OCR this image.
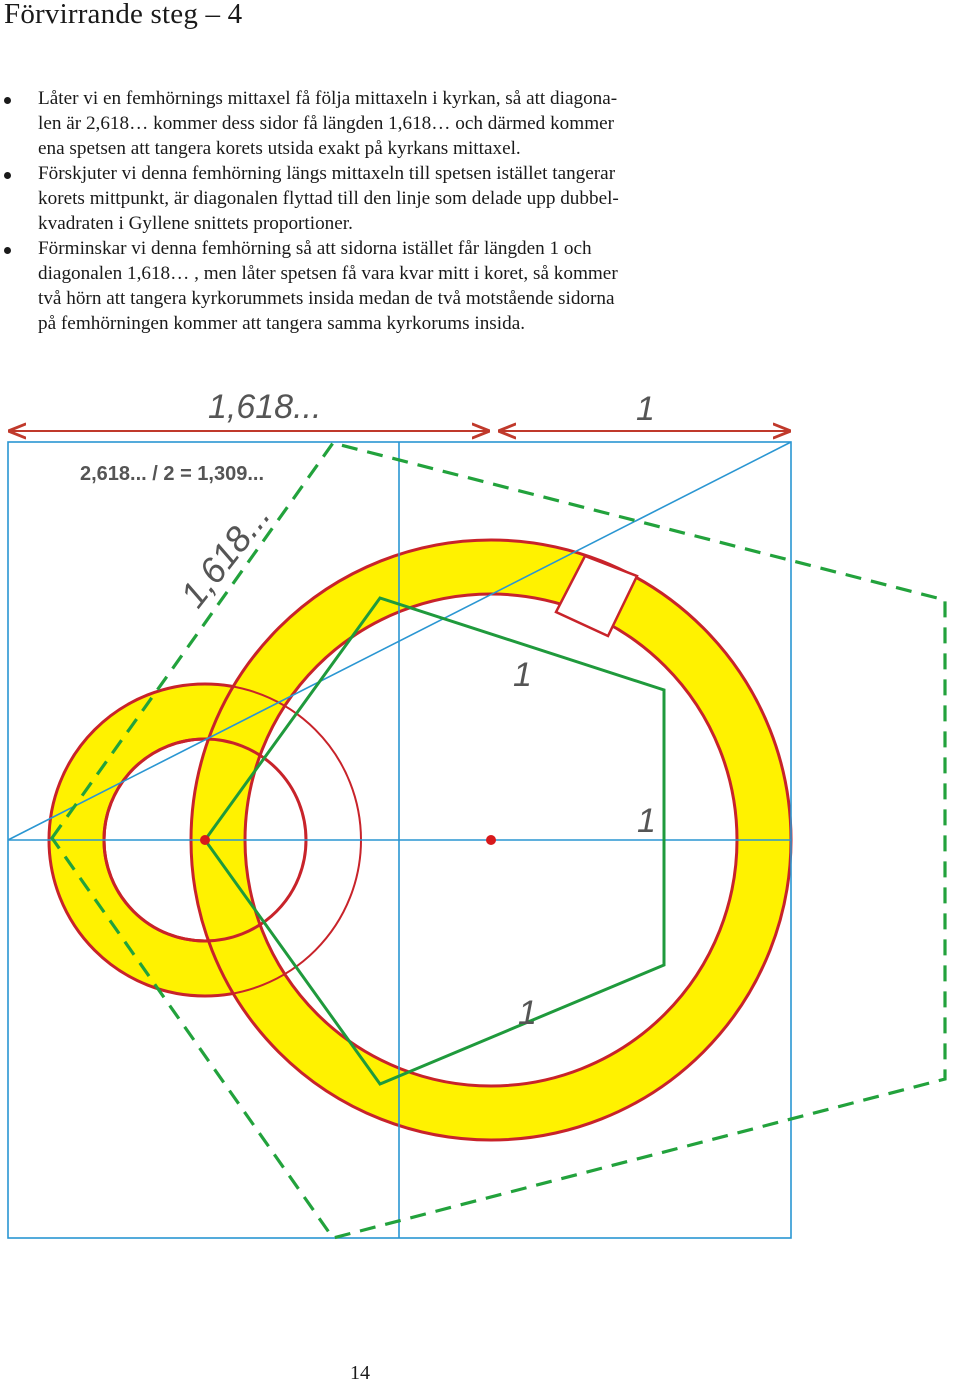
Förvirrande steg – 4
Låter vi en femhörnings mittaxel få följa mittaxeln i kyrkan, så att diagona-
len är 2,618… kommer dess sidor få längden 1,618… och därmed kommer
ena spetsen att tangera korets utsida exakt på kyrkans mittaxel.
Förskjuter vi denna femhörning längs mittaxeln till spetsen istället tangerar
korets mittpunkt, är diagonalen flyttad till den linje som delade upp dubbel-
kvadraten i Gyllene snittets proportioner.
Förminskar vi denna femhörning så att sidorna istället får längden 1 och
diagonalen 1,618… , men låter spetsen få vara kvar mitt i koret, så kommer
två hörn att tangera kyrkorummets insida medan de två motstående sidorna
på femhörningen kommer att tangera samma kyrkorums insida.
1,618...	1
2,618... / 2 = 1,309...
1,618...
1
1
1
14
